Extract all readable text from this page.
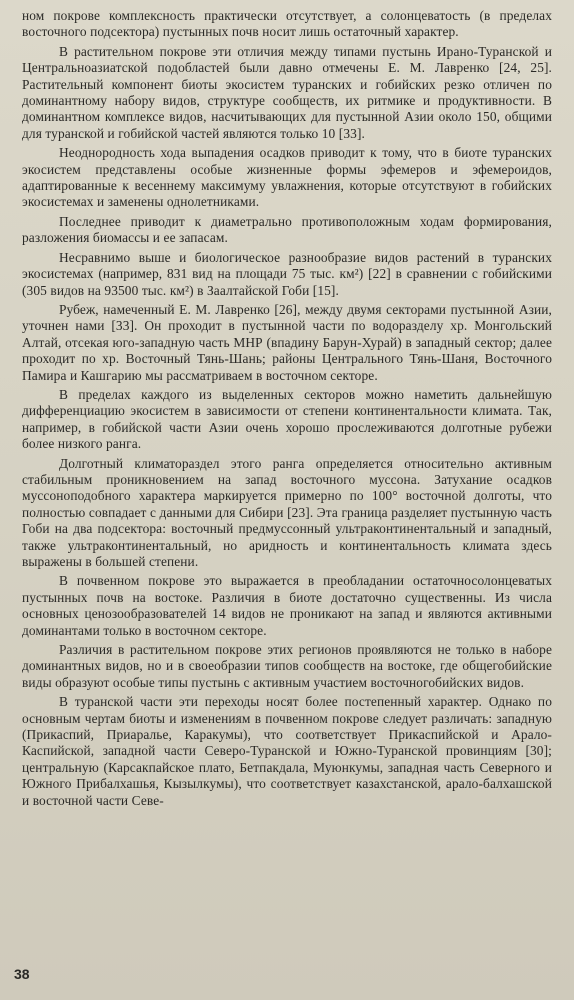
ном покрове комплексность практически отсутствует, а солонцеватость (в пределах восточного подсектора) пустынных почв носит лишь остаточный характер.

В растительном покрове эти отличия между типами пустынь Ирано-Туранской и Центральноазиатской подобластей были давно отмечены Е. М. Лавренко [24, 25]. Растительный компонент биоты экосистем туранских и гобийских резко отличен по доминантному набору видов, структуре сообществ, их ритмике и продуктивности. В доминантном комплексе видов, насчитывающих для пустынной Азии около 150, общими для туранской и гобийской частей являются только 10 [33].

Неоднородность хода выпадения осадков приводит к тому, что в биоте туранских экосистем представлены особые жизненные формы эфемеров и эфемероидов, адаптированные к весеннему максимуму увлажнения, которые отсутствуют в гобийских экосистемах и заменены однолетниками.

Последнее приводит к диаметрально противоположным ходам формирования, разложения биомассы и ее запасам.

Несравнимо выше и биологическое разнообразие видов растений в туранских экосистемах (например, 831 вид на площади 75 тыс. км²) [22] в сравнении с гобийскими (305 видов на 93500 тыс. км²) в Заалтайской Гоби [15].

Рубеж, намеченный Е. М. Лавренко [26], между двумя секторами пустынной Азии, уточнен нами [33]. Он проходит в пустынной части по водоразделу хр. Монгольский Алтай, отсекая юго-западную часть МНР (впадину Барун-Хурай) в западный сектор; далее проходит по хр. Восточный Тянь-Шань; районы Центрального Тянь-Шаня, Восточного Памира и Кашгарию мы рассматриваем в восточном секторе.

В пределах каждого из выделенных секторов можно наметить дальнейшую дифференциацию экосистем в зависимости от степени континентальности климата. Так, например, в гобийской части Азии очень хорошо прослеживаются долготные рубежи более низкого ранга.

Долготный климатораздел этого ранга определяется относительно активным стабильным проникновением на запад восточного муссона. Затухание осадков муссоноподобного характера маркируется примерно по 100° восточной долготы, что полностью совпадает с данными для Сибири [23]. Эта граница разделяет пустынную часть Гоби на два подсектора: восточный предмуссонный ультраконтинентальный и западный, также ультраконтинентальный, но аридность и континентальность климата здесь выражены в большей степени.

В почвенном покрове это выражается в преобладании остаточносолонцеватых пустынных почв на востоке. Различия в биоте достаточно существенны. Из числа основных ценозообразователей 14 видов не проникают на запад и являются активными доминантами только в восточном секторе.

Различия в растительном покрове этих регионов проявляются не только в наборе доминантных видов, но и в своеобразии типов сообществ на востоке, где общегобийские виды образуют особые типы пустынь с активным участием восточногобийских видов.

В туранской части эти переходы носят более постепенный характер. Однако по основным чертам биоты и изменениям в почвенном покрове следует различать: западную (Прикаспий, Приаралье, Каракумы), что соответствует Прикаспийской и Арало-Каспийской, западной части Северо-Туранской и Южно-Туранской провинциям [30]; центральную (Карсакпайское плато, Бетпакдала, Муюнкумы, западная часть Северного и Южного Прибалхашья, Кызылкумы), что соответствует казахстанской, арало-балхашской и восточной части Севе-

38
